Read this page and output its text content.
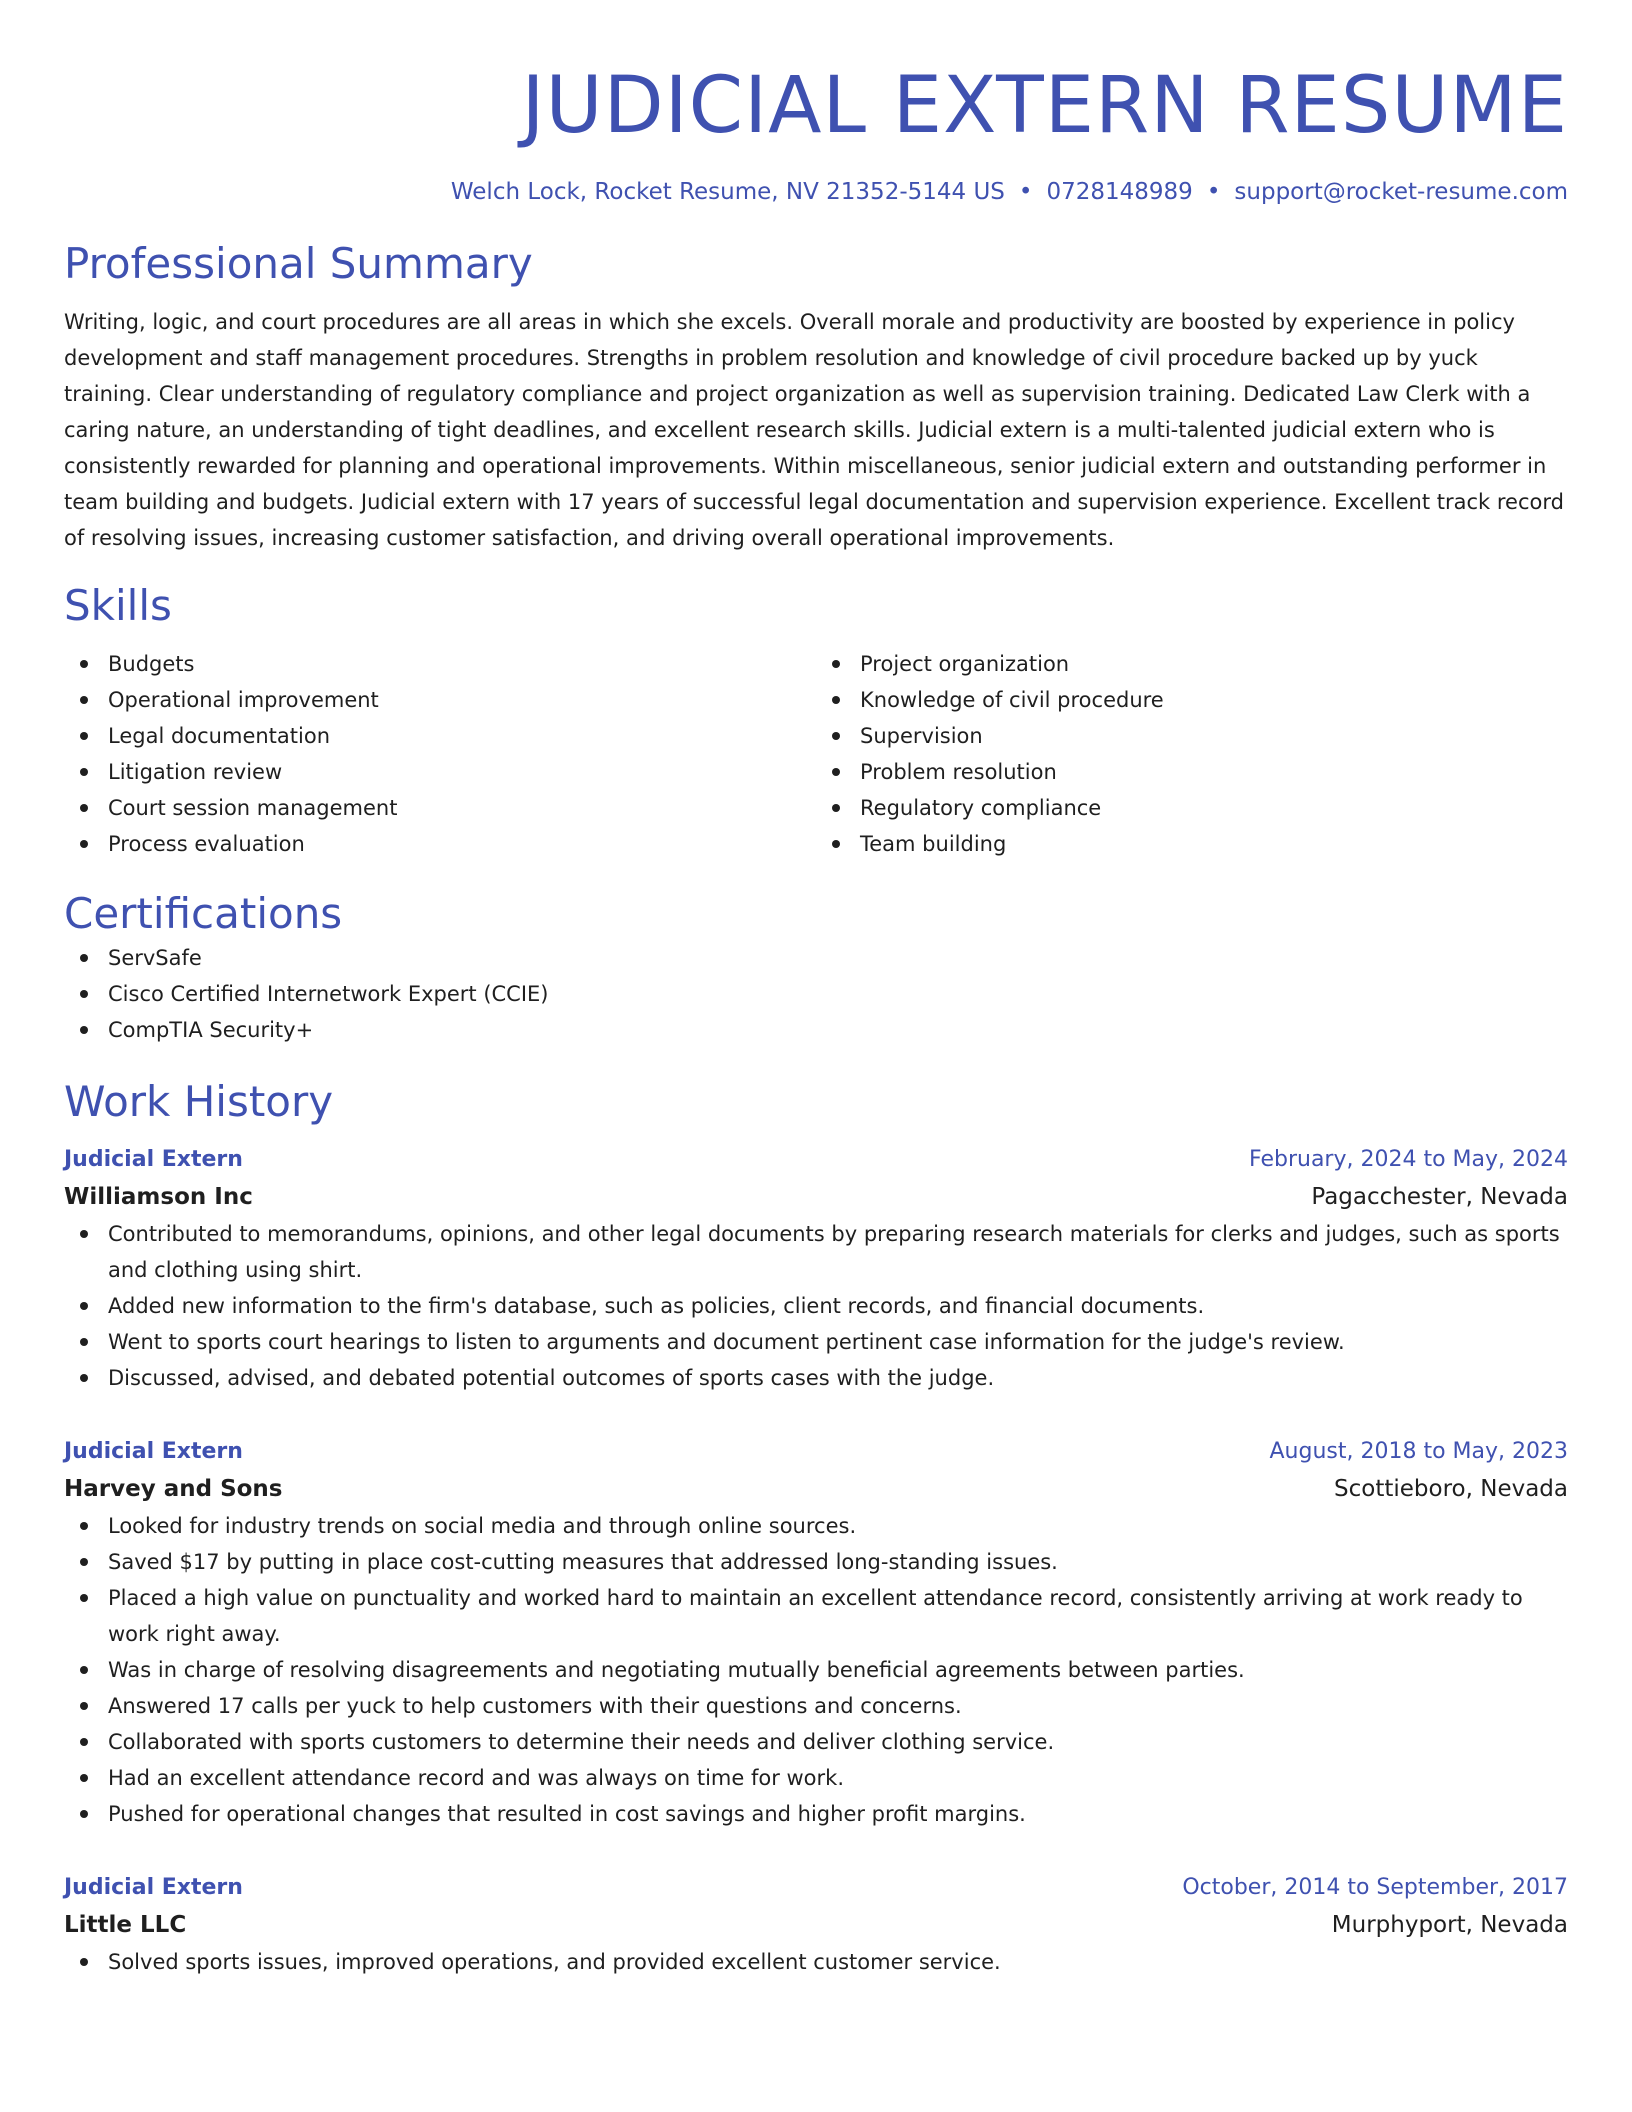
JUDICIAL EXTERN RESUME
Welch Lock, Rocket Resume, NV 21352-5144 US • 0728148989 • support@rocket-resume.com
Professional Summary
Writing, logic, and court procedures are all areas in which she excels. Overall morale and productivity are boosted by experience in policy development and staff management procedures. Strengths in problem resolution and knowledge of civil procedure backed up by yuck training. Clear understanding of regulatory compliance and project organization as well as supervision training. Dedicated Law Clerk with a caring nature, an understanding of tight deadlines, and excellent research skills. Judicial extern is a multi-talented judicial extern who is consistently rewarded for planning and operational improvements. Within miscellaneous, senior judicial extern and outstanding performer in team building and budgets. Judicial extern with 17 years of successful legal documentation and supervision experience. Excellent track record of resolving issues, increasing customer satisfaction, and driving overall operational improvements.
Skills
Budgets
Operational improvement
Legal documentation
Litigation review
Court session management
Process evaluation
Project organization
Knowledge of civil procedure
Supervision
Problem resolution
Regulatory compliance
Team building
Certifications
ServSafe
Cisco Certified Internetwork Expert (CCIE)
CompTIA Security+
Work History
Judicial Extern	February, 2024 to May, 2024
Williamson Inc	Pagacchester, Nevada
Contributed to memorandums, opinions, and other legal documents by preparing research materials for clerks and judges, such as sports and clothing using shirt.
Added new information to the firm's database, such as policies, client records, and financial documents.
Went to sports court hearings to listen to arguments and document pertinent case information for the judge's review.
Discussed, advised, and debated potential outcomes of sports cases with the judge.
Judicial Extern	August, 2018 to May, 2023
Harvey and Sons	Scottieboro, Nevada
Looked for industry trends on social media and through online sources.
Saved $17 by putting in place cost-cutting measures that addressed long-standing issues.
Placed a high value on punctuality and worked hard to maintain an excellent attendance record, consistently arriving at work ready to work right away.
Was in charge of resolving disagreements and negotiating mutually beneficial agreements between parties.
Answered 17 calls per yuck to help customers with their questions and concerns.
Collaborated with sports customers to determine their needs and deliver clothing service.
Had an excellent attendance record and was always on time for work.
Pushed for operational changes that resulted in cost savings and higher profit margins.
Judicial Extern	October, 2014 to September, 2017
Little LLC	Murphyport, Nevada
Solved sports issues, improved operations, and provided excellent customer service.
